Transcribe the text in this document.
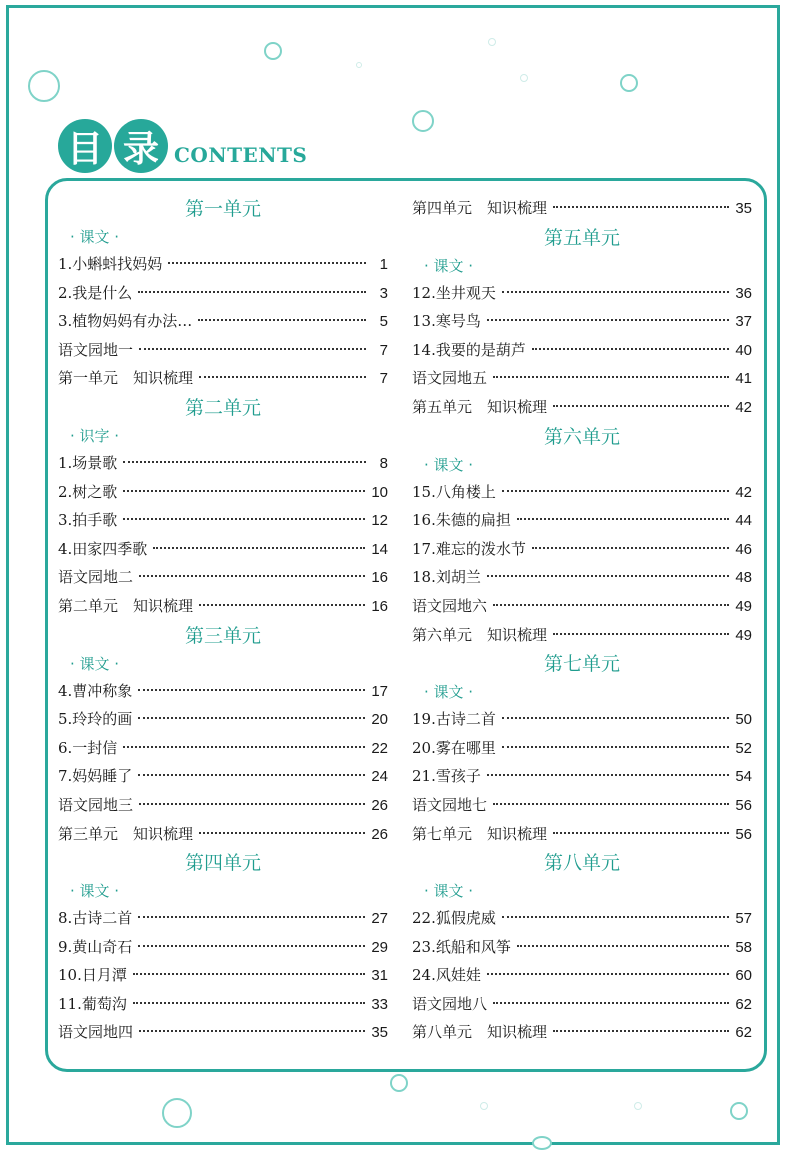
目 录 CONTENTS
第一单元
· 课文 ·
1.小蝌蚪找妈妈	1
2.我是什么	3
3.植物妈妈有办法…	5
语文园地一	7
第一单元　知识梳理	7
第二单元
· 识字 ·
1.场景歌	8
2.树之歌	10
3.拍手歌	12
4.田家四季歌	14
语文园地二	16
第二单元　知识梳理	16
第三单元
· 课文 ·
4.曹冲称象	17
5.玲玲的画	20
6.一封信	22
7.妈妈睡了	24
语文园地三	26
第三单元　知识梳理	26
第四单元
· 课文 ·
8.古诗二首	27
9.黄山奇石	29
10.日月潭	31
11.葡萄沟	33
语文园地四	35
第四单元　知识梳理	35
第五单元
· 课文 ·
12.坐井观天	36
13.寒号鸟	37
14.我要的是葫芦	40
语文园地五	41
第五单元　知识梳理	42
第六单元
· 课文 ·
15.八角楼上	42
16.朱德的扁担	44
17.难忘的泼水节	46
18.刘胡兰	48
语文园地六	49
第六单元　知识梳理	49
第七单元
· 课文 ·
19.古诗二首	50
20.雾在哪里	52
21.雪孩子	54
语文园地七	56
第七单元　知识梳理	56
第八单元
· 课文 ·
22.狐假虎威	57
23.纸船和风筝	58
24.风娃娃	60
语文园地八	62
第八单元　知识梳理	62
